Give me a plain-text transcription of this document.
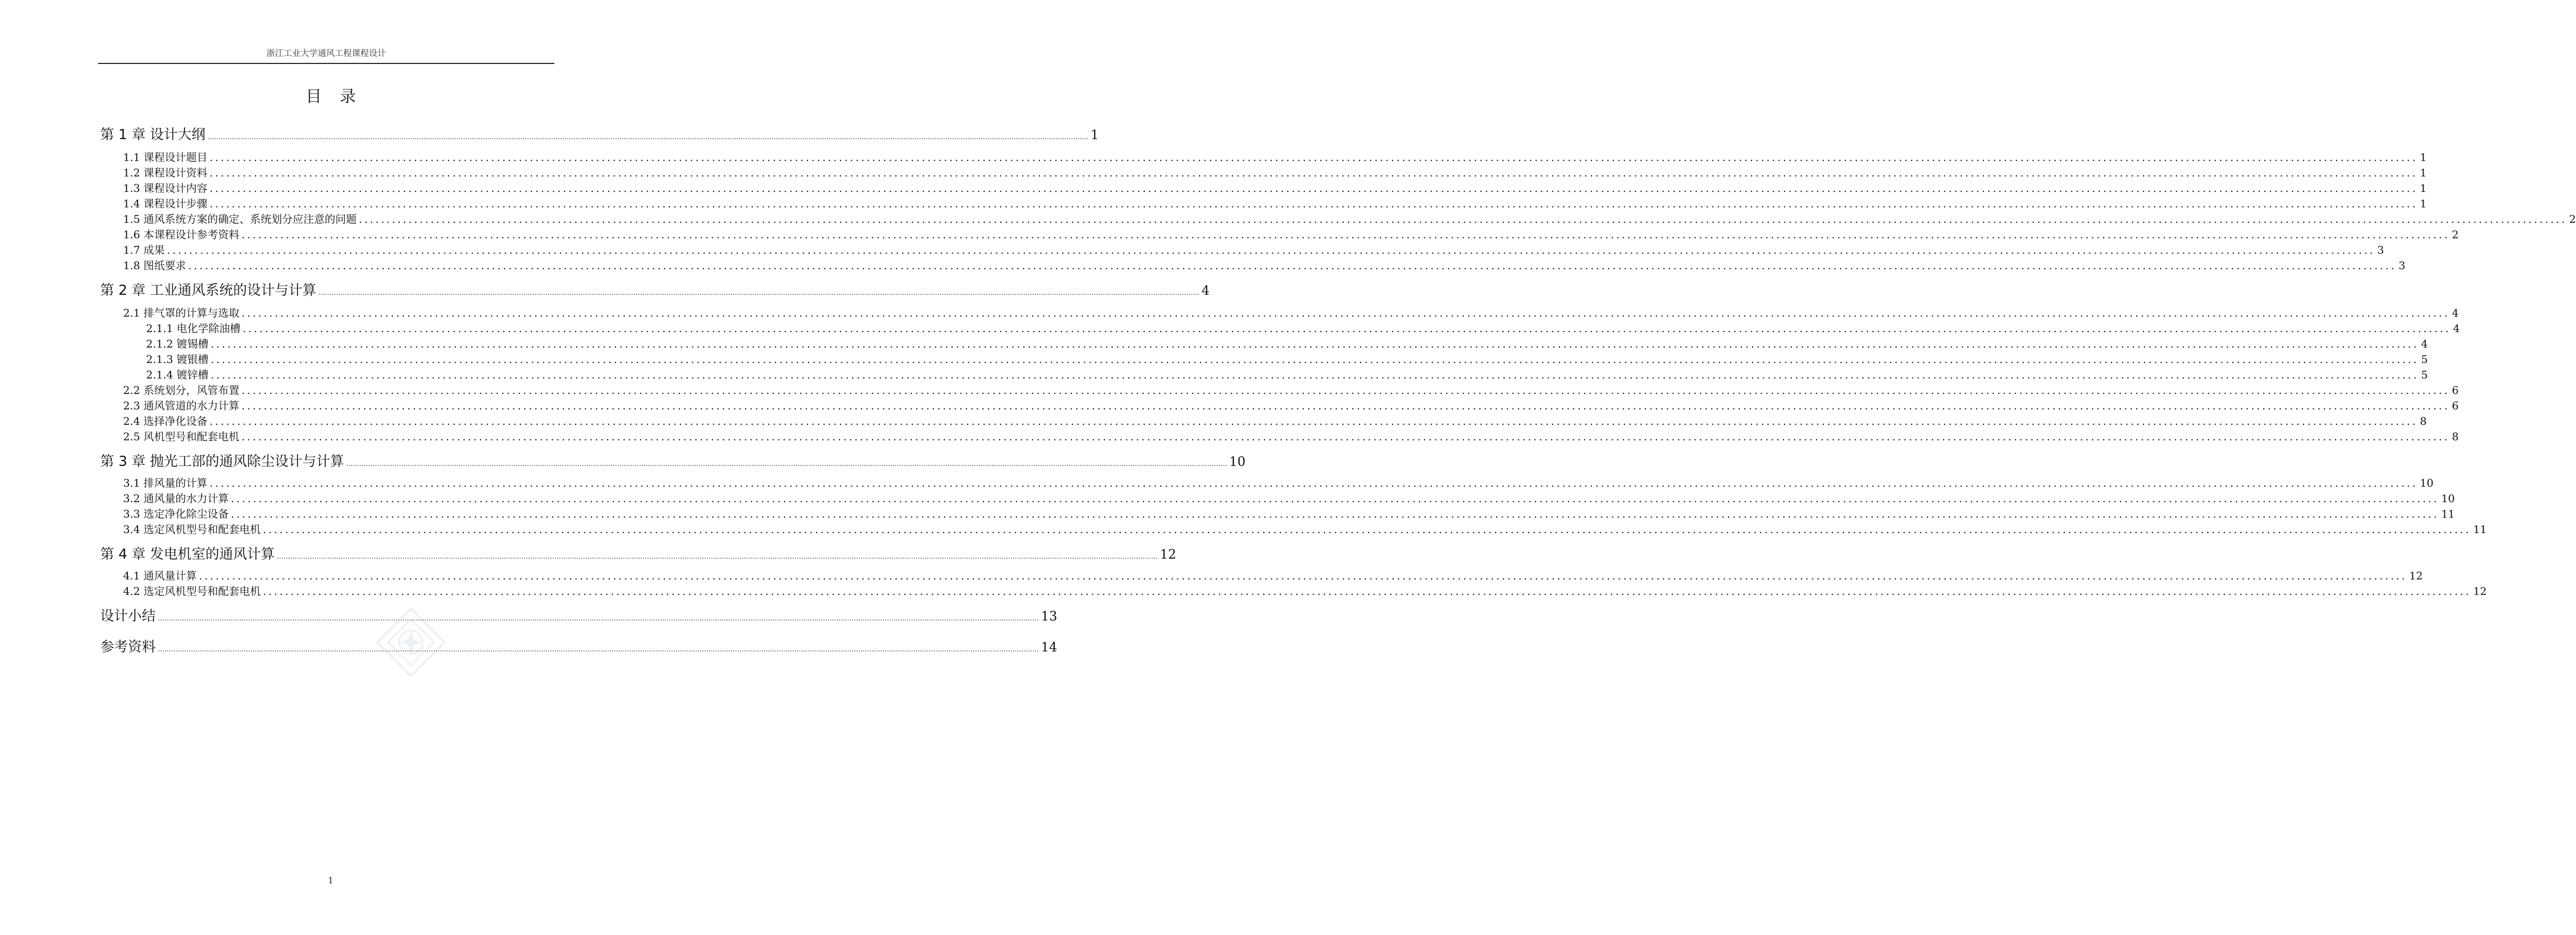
浙江工业大学通风工程课程设计
目录
第 1 章 设计大纲 ................................................................................................................................................................................................................................................................................................................................................................................................................ 1
1.1 课程设计题目 ................................................................................................................................................................................................................................................................................................................................................................................................................ 1
1.2 课程设计资料 ................................................................................................................................................................................................................................................................................................................................................................................................................ 1
1.3 课程设计内容 ................................................................................................................................................................................................................................................................................................................................................................................................................ 1
1.4 课程设计步骤 ................................................................................................................................................................................................................................................................................................................................................................................................................ 1
1.5 通风系统方案的确定、系统划分应注意的问题 ................................................................................................................................................................................................................................................................................................................................................................................................................ 2
1.6 本课程设计参考资料 ................................................................................................................................................................................................................................................................................................................................................................................................................ 2
1.7 成果 ................................................................................................................................................................................................................................................................................................................................................................................................................ 3
1.8 图纸要求 ................................................................................................................................................................................................................................................................................................................................................................................................................ 3
第 2 章 工业通风系统的设计与计算 ................................................................................................................................................................................................................................................................................................................................................................................................................ 4
2.1 排气罩的计算与选取 ................................................................................................................................................................................................................................................................................................................................................................................................................ 4
2.1.1 电化学除油槽 ................................................................................................................................................................................................................................................................................................................................................................................................................ 4
2.1.2 镀锡槽 ................................................................................................................................................................................................................................................................................................................................................................................................................ 4
2.1.3 镀银槽 ................................................................................................................................................................................................................................................................................................................................................................................................................ 5
2.1.4 镀锌槽 ................................................................................................................................................................................................................................................................................................................................................................................................................ 5
2.2 系统划分，风管布置 ................................................................................................................................................................................................................................................................................................................................................................................................................ 6
2.3 通风管道的水力计算 ................................................................................................................................................................................................................................................................................................................................................................................................................ 6
2.4 选择净化设备 ................................................................................................................................................................................................................................................................................................................................................................................................................ 8
2.5 风机型号和配套电机 ................................................................................................................................................................................................................................................................................................................................................................................................................ 8
第 3 章 抛光工部的通风除尘设计与计算 ................................................................................................................................................................................................................................................................................................................................................................................................................ 10
3.1 排风量的计算 ................................................................................................................................................................................................................................................................................................................................................................................................................ 10
3.2 通风量的水力计算 ................................................................................................................................................................................................................................................................................................................................................................................................................ 10
3.3 选定净化除尘设备 ................................................................................................................................................................................................................................................................................................................................................................................................................ 11
3.4 选定风机型号和配套电机 ................................................................................................................................................................................................................................................................................................................................................................................................................ 11
第 4 章 发电机室的通风计算 ................................................................................................................................................................................................................................................................................................................................................................................................................ 12
4.1 通风量计算 ................................................................................................................................................................................................................................................................................................................................................................................................................ 12
4.2 选定风机型号和配套电机 ................................................................................................................................................................................................................................................................................................................................................................................................................ 12
设计小结 ................................................................................................................................................................................................................................................................................................................................................................................................................ 13
参考资料 ................................................................................................................................................................................................................................................................................................................................................................................................................ 14
1
